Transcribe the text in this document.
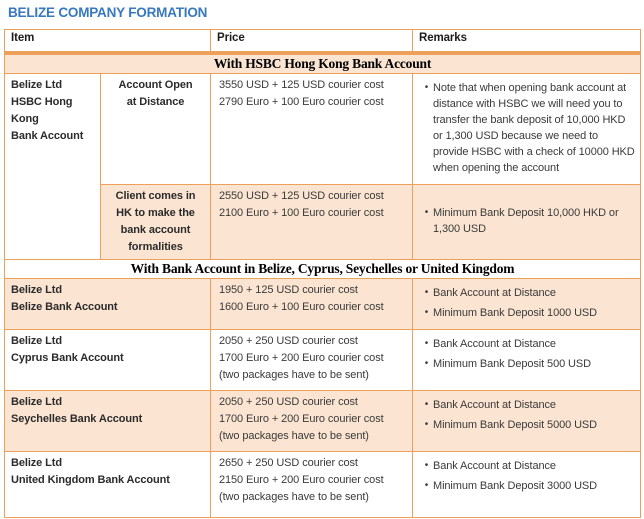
BELIZE COMPANY FORMATION
Item		Price	Remarks
With HSBC Hong Kong Bank Account			

Belize Ltd
HSBC Hong
Kong
Bank Account

Account Open
at Distance

3550 USD + 125 USD courier cost
2790 Euro + 100 Euro courier cost

• Note that when opening bank account at distance with HSBC we will need you to transfer the bank deposit of 10,000 HKD or 1,300 USD because we need to provide HSBC with a check of 10000 HKD when opening the account

Client comes in
HK to make the
bank account
formalities

2550 USD + 125 USD courier cost
2100 Euro + 100 Euro courier cost	• Minimum Bank Deposit 10,000 HKD or 1,300 USD

With Bank Account in Belize, Cyprus, Seychelles or United Kingdom			

Belize Ltd
Belize Bank Account

1950 + 125 USD courier cost
1600 Euro + 100 Euro courier cost

• Bank Account at Distance
• Minimum Bank Deposit 1000 USD

Belize Ltd
Cyprus Bank Account

2050 + 250 USD courier cost
1700 Euro + 200 Euro courier cost
(two packages have to be sent)

• Bank Account at Distance
• Minimum Bank Deposit 500 USD

Belize Ltd
Seychelles Bank Account

2050 + 250 USD courier cost
1700 Euro + 200 Euro courier cost
(two packages have to be sent)

• Bank Account at Distance
• Minimum Bank Deposit 5000 USD

Belize Ltd
United Kingdom Bank Account

2650 + 250 USD courier cost
2150 Euro + 200 Euro courier cost
(two packages have to be sent)

• Bank Account at Distance
• Minimum Bank Deposit 3000 USD
